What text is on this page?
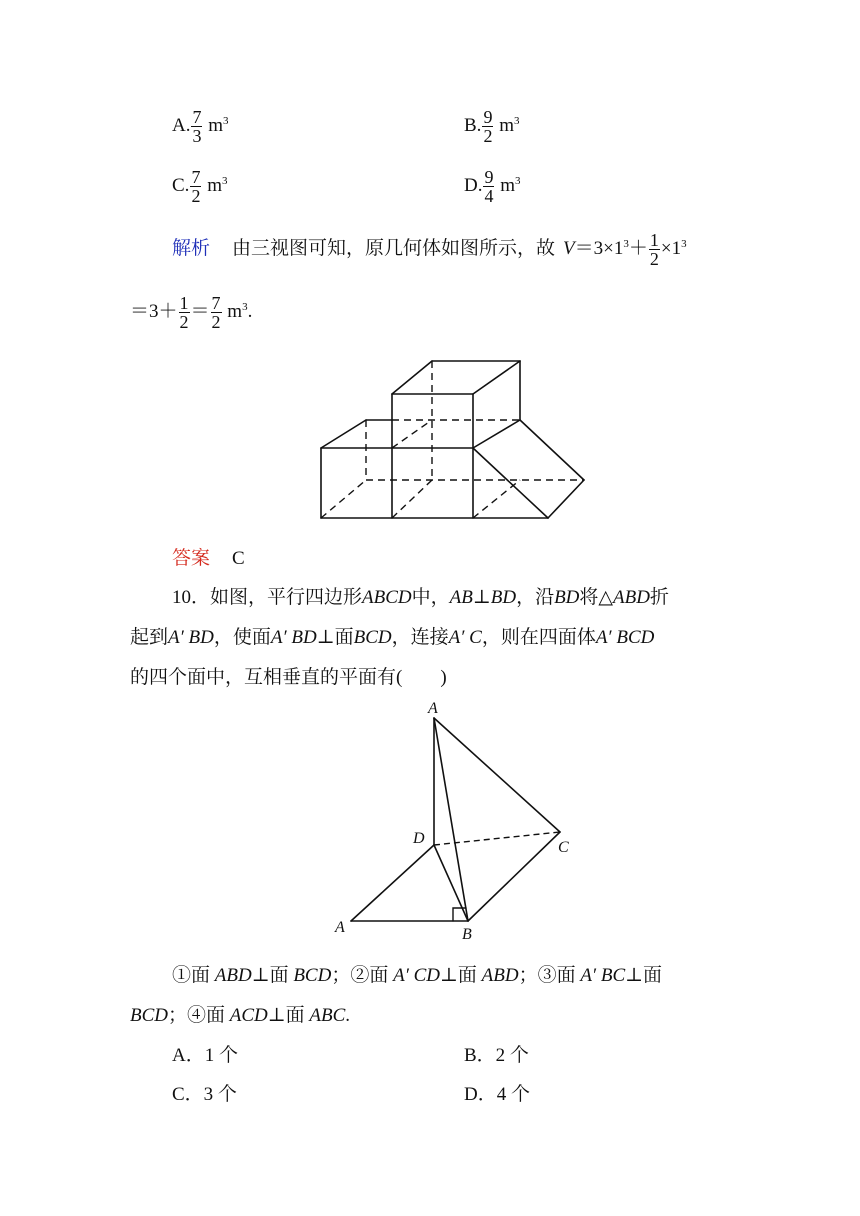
A. $\frac{7}{3} m^3$	B. $\frac{9}{2} m^3$
C. $\frac{7}{2} m^3$	D. $\frac{9}{4} m^3$
解析 由三视图可知，原几何体如图所示，故 $V=3\times 1^3+ \frac{1}{2} \times 1^3$
$=3+ \frac{1}{2} = \frac{7}{2} m^3$.
答案 C
10．如图，平行四边形ABCD中，AB⊥BD，沿BD将△ABD折
起到A′ BD，使面A′ BD⊥面BCD，连接A′ C，则在四面体A′ BCD
的四个面中，互相垂直的平面有(　　)
A
D
C
A	B
①面 ABD⊥面 BCD；②面 A′ CD⊥面 ABD；③面 A′ BC⊥面
BCD；④面 ACD⊥面 ABC.
A．1 个	B．2 个
C．3 个	D．4 个
